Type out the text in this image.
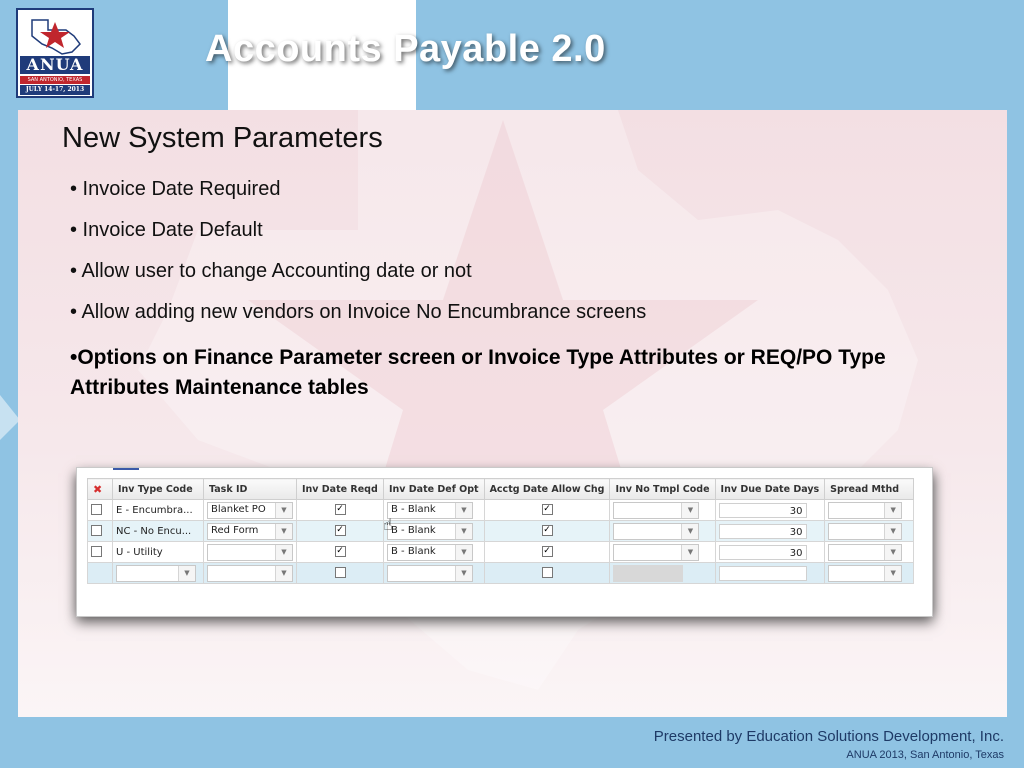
ANUA
SAN ANTONIO, TEXAS
JULY 14-17, 2013
Accounts Payable 2.0
New System Parameters
• Invoice Date Required
• Invoice Date Default
• Allow user to change Accounting date or not
• Allow adding new vendors on Invoice No Encumbrance screens
•Options on Finance Parameter screen or Invoice Type Attributes or REQ/PO Type Attributes Maintenance tables
✖	Inv Type Code	Task ID	Inv Date Reqd	Inv Date Def Opt	Acctg Date Allow Chg	Inv No Tmpl Code	Inv Due Date Days	Spread Mthd
	E - Encumbra...	Blanket PO ▼	✓	B - Blank ▼	✓	▼	30	▼

	NC - No Encu...	Red Form ▼	✓	B - Blank ▼	✓	▼	30	▼

	U - Utility	▼	✓	B - Blank ▼	✓	▼	30	▼

	▼	▼		▼				▼
☝
Presented by Education Solutions Development, Inc.
ANUA 2013, San Antonio, Texas
